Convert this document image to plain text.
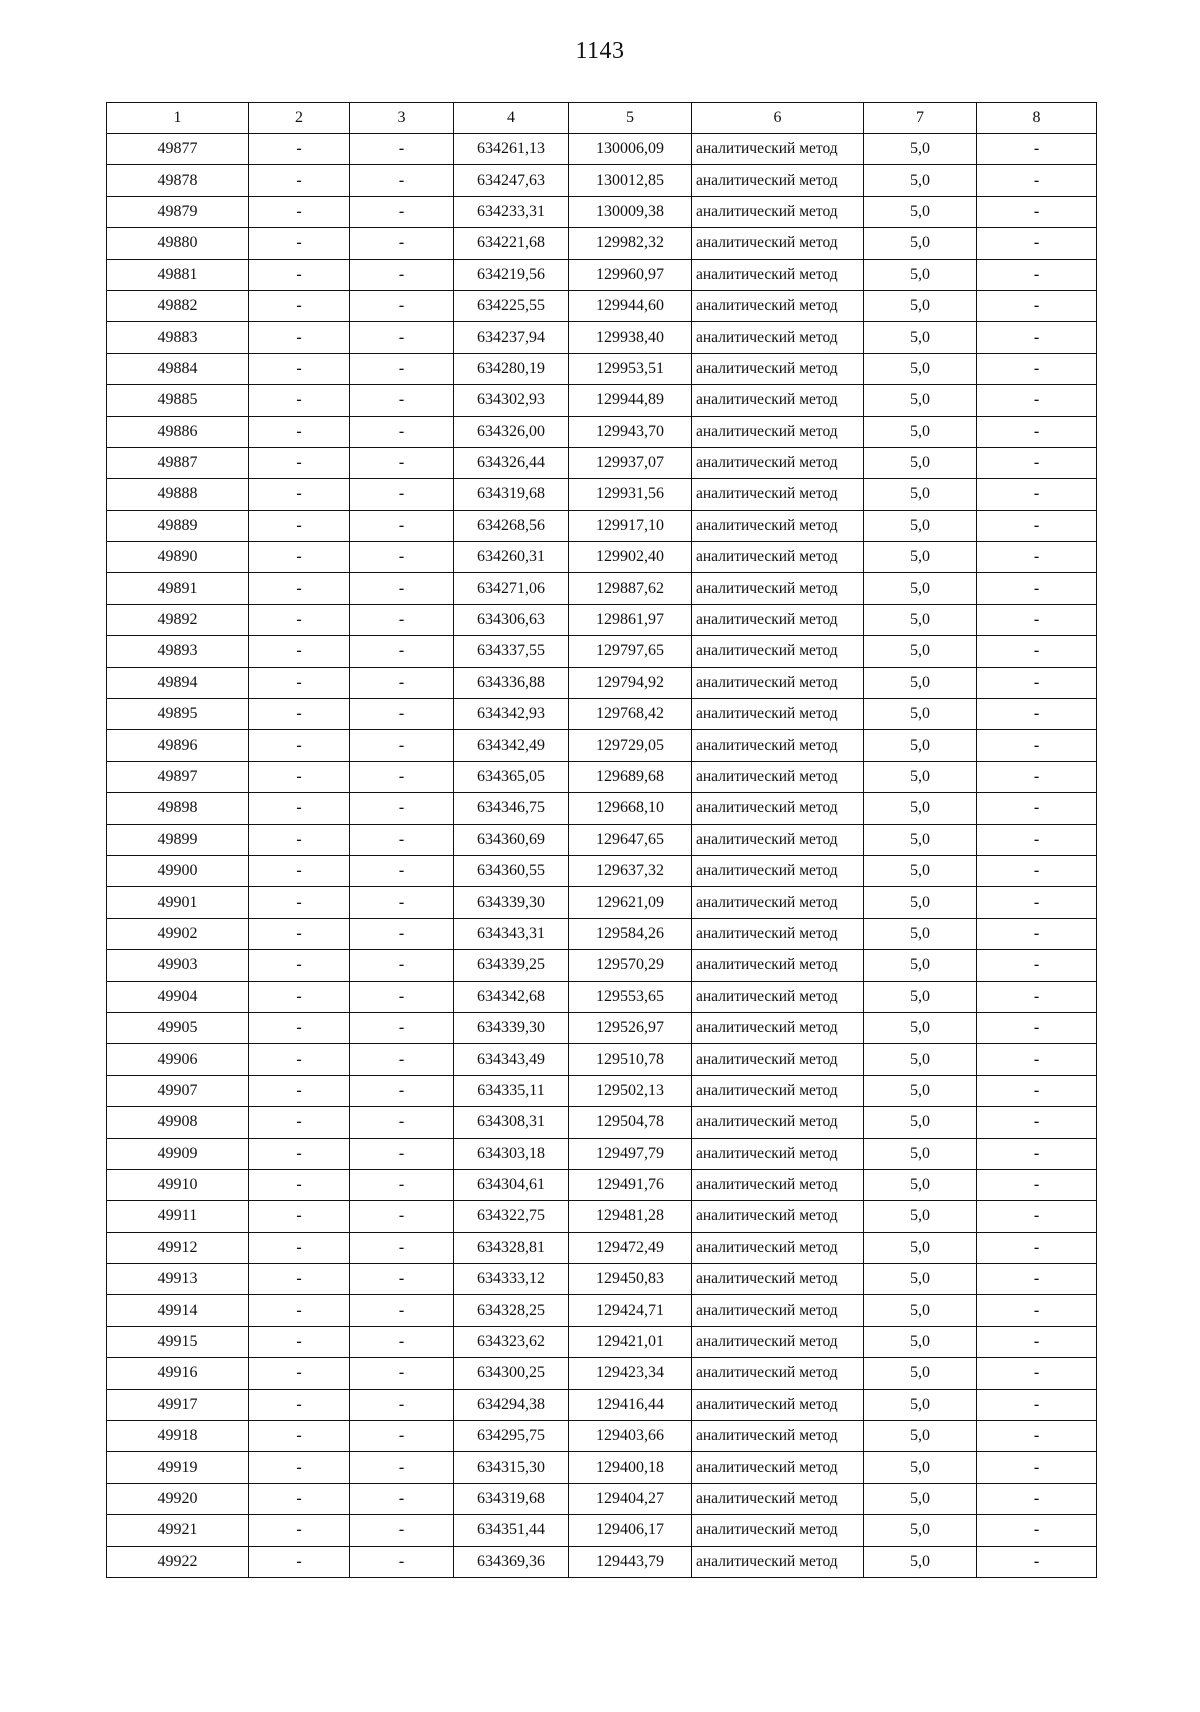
1143
1	2	3	4	5	6	7	8
49877	-	-	634261,13	130006,09	аналитический метод	5,0	-
49878	-	-	634247,63	130012,85	аналитический метод	5,0	-
49879	-	-	634233,31	130009,38	аналитический метод	5,0	-
49880	-	-	634221,68	129982,32	аналитический метод	5,0	-
49881	-	-	634219,56	129960,97	аналитический метод	5,0	-
49882	-	-	634225,55	129944,60	аналитический метод	5,0	-
49883	-	-	634237,94	129938,40	аналитический метод	5,0	-
49884	-	-	634280,19	129953,51	аналитический метод	5,0	-
49885	-	-	634302,93	129944,89	аналитический метод	5,0	-
49886	-	-	634326,00	129943,70	аналитический метод	5,0	-
49887	-	-	634326,44	129937,07	аналитический метод	5,0	-
49888	-	-	634319,68	129931,56	аналитический метод	5,0	-
49889	-	-	634268,56	129917,10	аналитический метод	5,0	-
49890	-	-	634260,31	129902,40	аналитический метод	5,0	-
49891	-	-	634271,06	129887,62	аналитический метод	5,0	-
49892	-	-	634306,63	129861,97	аналитический метод	5,0	-
49893	-	-	634337,55	129797,65	аналитический метод	5,0	-
49894	-	-	634336,88	129794,92	аналитический метод	5,0	-
49895	-	-	634342,93	129768,42	аналитический метод	5,0	-
49896	-	-	634342,49	129729,05	аналитический метод	5,0	-
49897	-	-	634365,05	129689,68	аналитический метод	5,0	-
49898	-	-	634346,75	129668,10	аналитический метод	5,0	-
49899	-	-	634360,69	129647,65	аналитический метод	5,0	-
49900	-	-	634360,55	129637,32	аналитический метод	5,0	-
49901	-	-	634339,30	129621,09	аналитический метод	5,0	-
49902	-	-	634343,31	129584,26	аналитический метод	5,0	-
49903	-	-	634339,25	129570,29	аналитический метод	5,0	-
49904	-	-	634342,68	129553,65	аналитический метод	5,0	-
49905	-	-	634339,30	129526,97	аналитический метод	5,0	-
49906	-	-	634343,49	129510,78	аналитический метод	5,0	-
49907	-	-	634335,11	129502,13	аналитический метод	5,0	-
49908	-	-	634308,31	129504,78	аналитический метод	5,0	-
49909	-	-	634303,18	129497,79	аналитический метод	5,0	-
49910	-	-	634304,61	129491,76	аналитический метод	5,0	-
49911	-	-	634322,75	129481,28	аналитический метод	5,0	-
49912	-	-	634328,81	129472,49	аналитический метод	5,0	-
49913	-	-	634333,12	129450,83	аналитический метод	5,0	-
49914	-	-	634328,25	129424,71	аналитический метод	5,0	-
49915	-	-	634323,62	129421,01	аналитический метод	5,0	-
49916	-	-	634300,25	129423,34	аналитический метод	5,0	-
49917	-	-	634294,38	129416,44	аналитический метод	5,0	-
49918	-	-	634295,75	129403,66	аналитический метод	5,0	-
49919	-	-	634315,30	129400,18	аналитический метод	5,0	-
49920	-	-	634319,68	129404,27	аналитический метод	5,0	-
49921	-	-	634351,44	129406,17	аналитический метод	5,0	-
49922	-	-	634369,36	129443,79	аналитический метод	5,0	-
